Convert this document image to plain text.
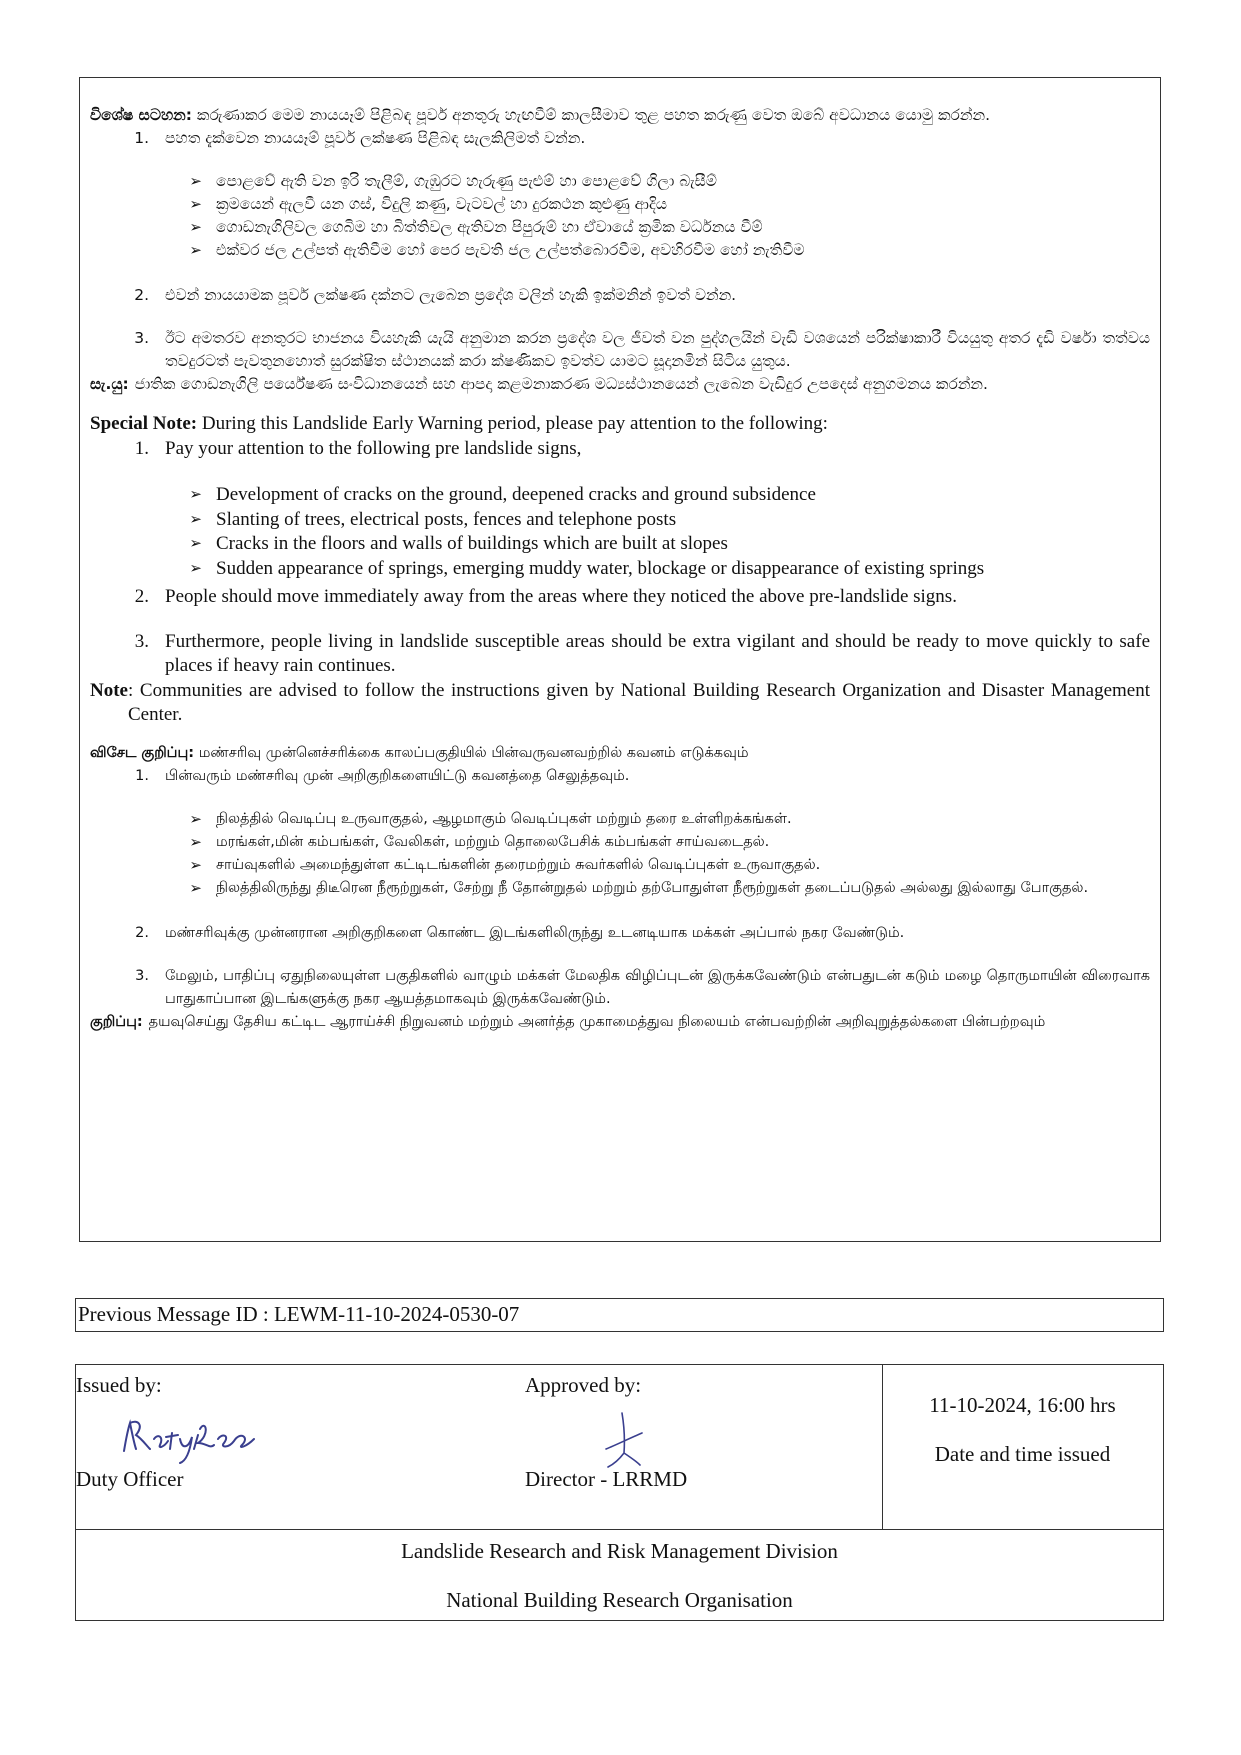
විශේෂ සටහන: කරුණාකර මෙම නායයෑම් පිළිබඳ පූර්ව අනතුරු හැඟවීම් කාලසීමාව තුළ පහත කරුණු වෙත ඔබේ අවධානය යොමු කරන්න.

1.	පහත දැක්වෙන නායයෑම් පූර්ව ලක්ෂණ පිළිබඳ සැලකිලිමත් වන්න.
➢ පොළවේ ඇති වන ඉරි තැලීම්, ගැඹුරට හැරුණු පැළුම් හා පොළවේ ගිලා බැසීම්
➢ ක්‍රමයෙන් ඇලවී යන ගස්, විදුලි කණු, වැටවල් හා දුරකථන කුළුණු ආදිය
➢ ගොඩනැගිලිවල ගෙබිම හා බිත්තිවල ඇතිවන පිපුරුම් හා ඒවායේ ක්‍රමික වර්ධනය වීම්
➢ එක්වර ජල උල්පත් ඇතිවීම හෝ පෙර පැවති ජල උල්පත්බොරවීම, අවහිරවීම හෝ නැතිවීම
2.	එවන් නායයාමක පූර්ව ලක්ෂණ දක්නට ලැබෙන ප්‍රදේශ වලින් හැකි ඉක්මනින් ඉවත් වන්න.
3.	ඊට අමතරව අනතුරට භාජනය වියහැකි යැයි අනුමාන කරන ප්‍රදේශ වල ජීවත් වන පුද්ගලයින් වැඩි වශයෙන් පරික්ෂාකාරී වියයුතු අතර දැඩි වර්ෂා තත්වය තවදුරටත් පැවතුනහොත් සුරක්ෂිත ස්ථානයක් කරා ක්ෂණිකව ඉවත්ව යාමට සූදානමින් සිටිය යුතුය.
සැ.යු: ජාතික ගොඩනැගිලි පර්යේෂණ සංවිධානයෙන් සහ ආපදා කළමනාකරණ මධ්‍යස්ථානයෙන් ලැබෙන වැඩිදුර උපදෙස් අනුගමනය කරන්න.

Special Note: During this Landslide Early Warning period, please pay attention to the following:

1. Pay your attention to the following pre landslide signs,
➢ Development of cracks on the ground, deepened cracks and ground subsidence
➢ Slanting of trees, electrical posts, fences and telephone posts
➢ Cracks in the floors and walls of buildings which are built at slopes
➢ Sudden appearance of springs, emerging muddy water, blockage or disappearance of existing springs
2. People should move immediately away from the areas where they noticed the above pre-landslide signs.
3. Furthermore, people living in landslide susceptible areas should be extra vigilant and should be ready to move quickly to safe places if heavy rain continues.
Note : Communities are advised to follow the instructions given by National Building Research Organization and Disaster Management Center.

விசேட குறிப்பு: மண்சரிவு முன்னெச்சரிக்கை காலப்பகுதியில் பின்வருவனவற்றில் கவனம் எடுக்கவும்

1.	பின்வரும் மண்சரிவு முன் அறிகுறிகளையிட்டு கவனத்தை செலுத்தவும்.
➢ நிலத்தில் வெடிப்பு உருவாகுதல், ஆழமாகும் வெடிப்புகள் மற்றும் தரை உள்ளிறக்கங்கள்.
➢ மரங்கள்,மின் கம்பங்கள், வேலிகள், மற்றும் தொலைபேசிக் கம்பங்கள் சாய்வடைதல்.
➢ சாய்வுகளில் அமைந்துள்ள கட்டிடங்களின் தரைமற்றும் சுவர்களில் வெடிப்புகள் உருவாகுதல்.
➢ நிலத்திலிருந்து திடீரென நீரூற்றுகள், சேற்று நீ தோன்றுதல் மற்றும் தற்போதுள்ள நீரூற்றுகள் தடைப்படுதல் அல்லது இல்லாது போகுதல்.
2.	மண்சரிவுக்கு முன்னரான அறிகுறிகளை கொண்ட இடங்களிலிருந்து உடனடியாக மக்கள் அப்பால் நகர வேண்டும்.
3.	மேலும், பாதிப்பு ஏதுநிலையுள்ள பகுதிகளில் வாழும் மக்கள் மேலதிக விழிப்புடன் இருக்கவேண்டும் என்பதுடன் கடும் மழை தொருமாயின் விரைவாக பாதுகாப்பான இடங்களுக்கு நகர ஆயத்தமாகவும் இருக்கவேண்டும்.
குறிப்பு: தயவுசெய்து தேசிய கட்டிட ஆராய்ச்சி நிறுவனம் மற்றும் அனர்த்த முகாமைத்துவ நிலையம் என்பவற்றின் அறிவுறுத்தல்களை பின்பற்றவும்
Previous Message ID : LEWM-11-10-2024-0530-07
Issued by:
Duty Officer
Approved by:
Director - LRRMD
11-10-2024, 16:00 hrs
Date and time issued
Landslide Research and Risk Management Division
National Building Research Organisation
